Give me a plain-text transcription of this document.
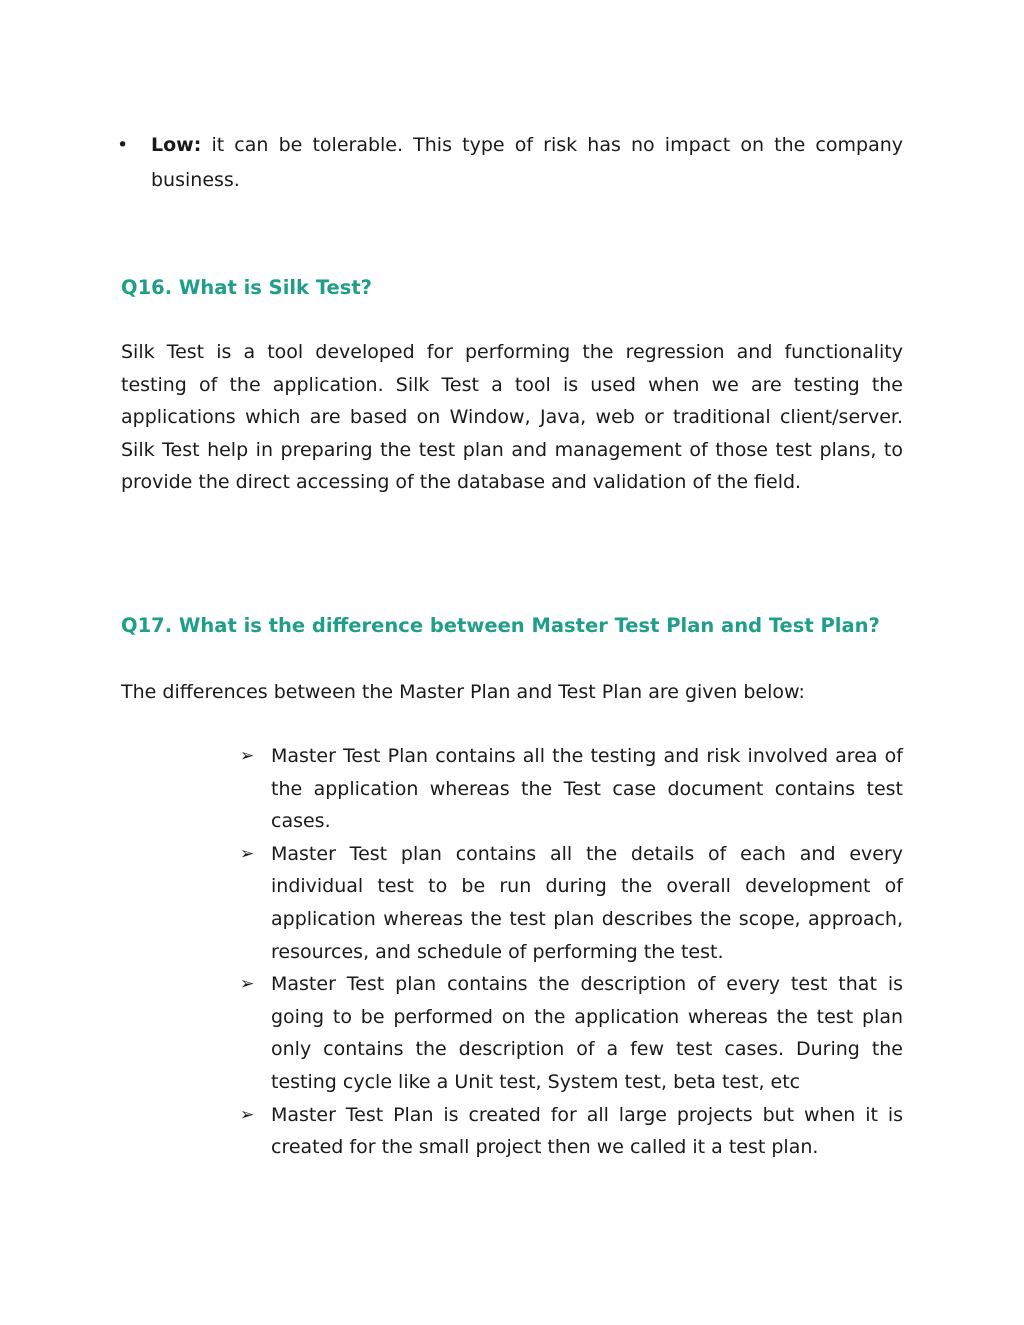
•	Low: it can be tolerable. This type of risk has no impact on the company business.
Q16. What is Silk Test?
Silk Test is a tool developed for performing the regression and functionality testing of the application. Silk Test a tool is used when we are testing the applications which are based on Window, Java, web or traditional client/server. Silk Test help in preparing the test plan and management of those test plans, to provide the direct accessing of the database and validation of the field.
Q17. What is the difference between Master Test Plan and Test Plan?
The differences between the Master Plan and Test Plan are given below:
➢ Master Test Plan contains all the testing and risk involved area of the application whereas the Test case document contains test cases.
➢ Master Test plan contains all the details of each and every individual test to be run during the overall development of application whereas the test plan describes the scope, approach, resources, and schedule of performing the test.
➢ Master Test plan contains the description of every test that is going to be performed on the application whereas the test plan only contains the description of a few test cases. During the testing cycle like a Unit test, System test, beta test, etc
➢ Master Test Plan is created for all large projects but when it is created for the small project then we called it a test plan.
